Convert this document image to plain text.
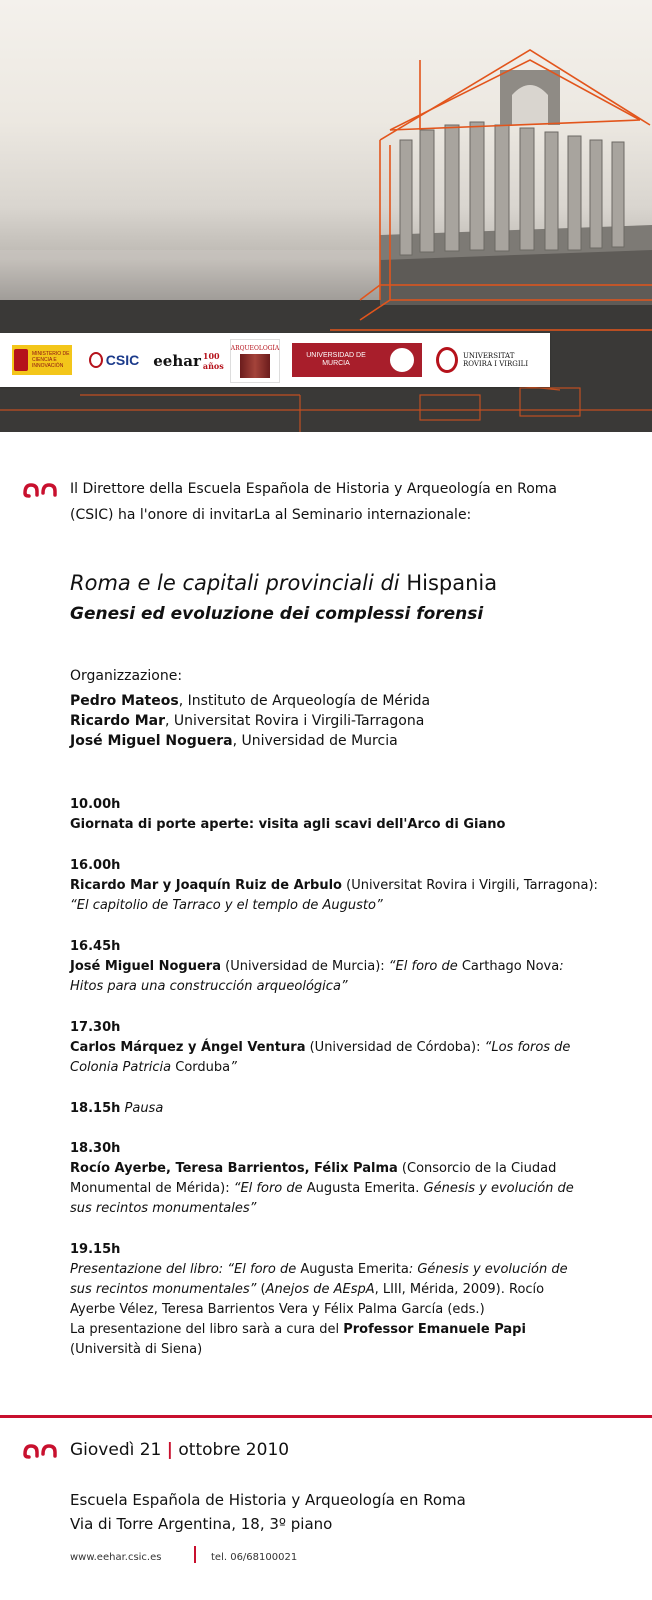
MINISTERIO DE CIENCIA E INNOVACIÓN	CSIC eehar 100 años
ARQUEOLOGÍA
UNIVERSIDAD DE MURCIA
UNIVERSITAT ROVIRA I VIRGILI
Il Direttore della Escuela Española de Historia y Arqueología en Roma
(CSIC) ha l'onore di invitarLa al Seminario internazionale:
Roma e le capitali provinciali di Hispania
Genesi ed evoluzione dei complessi forensi
Organizzazione:
Pedro Mateos, Instituto de Arqueología de Mérida
Ricardo Mar, Universitat Rovira i Virgili-Tarragona
José Miguel Noguera, Universidad de Murcia
10.00h
Giornata di porte aperte: visita agli scavi dell'Arco di Giano
16.00h
Ricardo Mar y Joaquín Ruiz de Arbulo (Universitat Rovira i Virgili, Tarragona):
“El capitolio de Tarraco y el templo de Augusto”
16.45h
José Miguel Noguera (Universidad de Murcia): “El foro de Carthago Nova:
Hitos para una construcción arqueológica”
17.30h
Carlos Márquez y Ángel Ventura (Universidad de Córdoba): “Los foros de
Colonia Patricia Corduba”
18.15h Pausa
18.30h
Rocío Ayerbe, Teresa Barrientos, Félix Palma (Consorcio de la Ciudad
Monumental de Mérida): “El foro de Augusta Emerita. Génesis y evolución de
sus recintos monumentales”
19.15h
Presentazione del libro: “El foro de Augusta Emerita: Génesis y evolución de
sus recintos monumentales” (Anejos de AEspA, LIII, Mérida, 2009). Rocío
Ayerbe Vélez, Teresa Barrientos Vera y Félix Palma García (eds.)
La presentazione del libro sarà a cura del Professor Emanuele Papi
(Università di Siena)
Giovedì 21 | ottobre 2010
Escuela Española de Historia y Arqueología en Roma
Via di Torre Argentina, 18, 3º piano
www.eehar.csic.es	tel. 06/68100021
